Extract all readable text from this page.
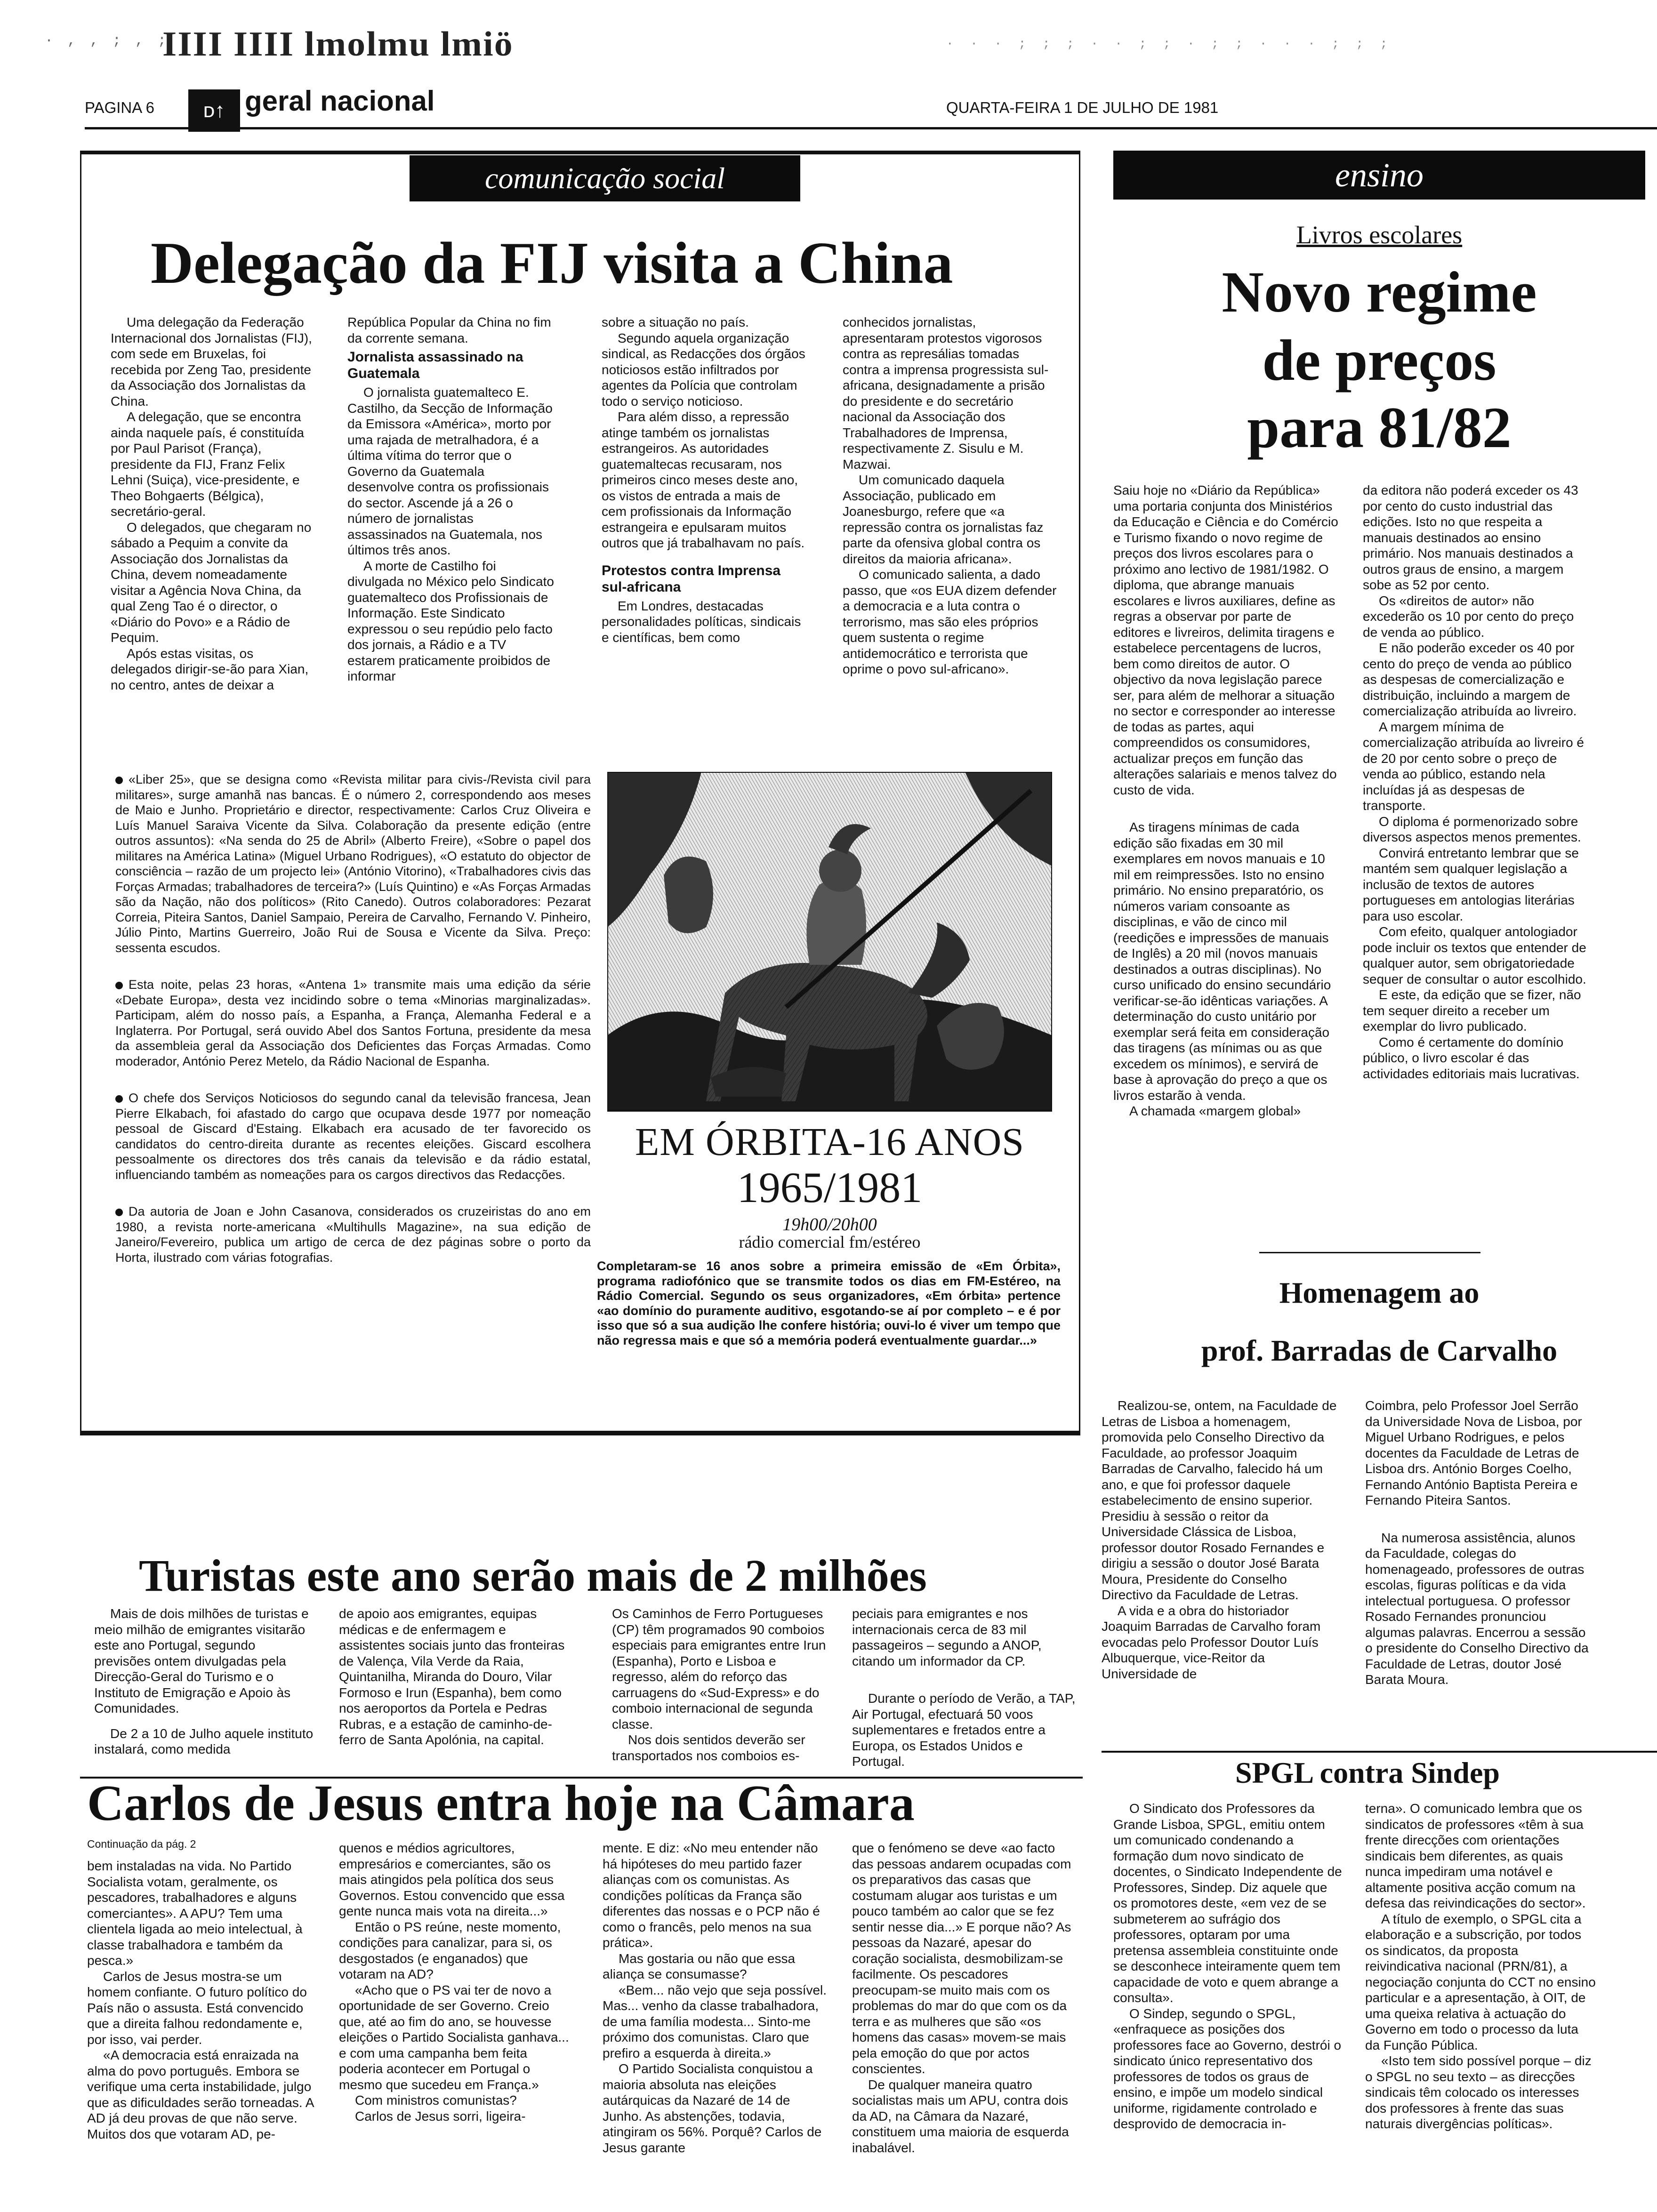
· , , ; , ; ;
IIII IIII lmolmu lmiö	· · · ; ; ; · · ; ; · ; ; · · · ; ; ;
PAGINA 6	ᴅ↑ geral nacional	QUARTA-FEIRA 1 DE JULHO DE 1981
comunicação social
Delegação da FIJ visita a China

Uma delegação da Federação Internacional dos Jornalistas (FIJ), com sede em Bruxelas, foi recebida por Zeng Tao, presidente da Associação dos Jornalistas da China.

A delegação, que se encontra ainda naquele país, é constituída por Paul Parisot (França), presidente da FIJ, Franz Felix Lehni (Suiça), vice-presidente, e Theo Bohgaerts (Bélgica), secretário-geral.

O delegados, que chegaram no sábado a Pequim a convite da Associação dos Jornalistas da China, devem nomeadamente visitar a Agência Nova China, da qual Zeng Tao é o director, o «Diário do Povo» e a Rádio de Pequim.

Após estas visitas, os delegados dirigir-se-ão para Xian, no centro, antes de deixar a

República Popular da China no fim da corrente semana.

Jornalista assassinado na Guatemala

O jornalista guatemalteco E. Castilho, da Secção de Informação da Emissora «América», morto por uma rajada de metralhadora, é a última vítima do terror que o Governo da Guatemala desenvolve contra os profissionais do sector. Ascende já a 26 o número de jornalistas assassinados na Guatemala, nos últimos três anos.

A morte de Castilho foi divulgada no México pelo Sindicato guatemalteco dos Profissionais de Informação. Este Sindicato expressou o seu repúdio pelo facto dos jornais, a Rádio e a TV estarem praticamente proibidos de informar

sobre a situação no país.

Segundo aquela organização sindical, as Redacções dos órgãos noticiosos estão infiltrados por agentes da Polícia que controlam todo o serviço noticioso.

Para além disso, a repressão atinge também os jornalistas estrangeiros. As autoridades guatemaltecas recusaram, nos primeiros cinco meses deste ano, os vistos de entrada a mais de cem profissionais da Informação estrangeira e epulsaram muitos outros que já trabalhavam no país.

Protestos contra Imprensa sul-africana

Em Londres, destacadas personalidades políticas, sindicais e científicas, bem como

conhecidos jornalistas, apresentaram protestos vigorosos contra as represálias tomadas contra a imprensa progressista sul-africana, designadamente a prisão do presidente e do secretário nacional da Associação dos Trabalhadores de Imprensa, respectivamente Z. Sisulu e M. Mazwai.

Um comunicado daquela Associação, publicado em Joanesburgo, refere que «a repressão contra os jornalistas faz parte da ofensiva global contra os direitos da maioria africana».

O comunicado salienta, a dado passo, que «os EUA dizem defender a democracia e a luta contra o terrorismo, mas são eles próprios quem sustenta o regime antidemocrático e terrorista que oprime o povo sul-africano».

«Liber 25», que se designa como «Revista militar para civis-/Revista civil para militares», surge amanhã nas bancas. É o número 2, correspondendo aos meses de Maio e Junho. Proprietário e director, respectivamente: Carlos Cruz Oliveira e Luís Manuel Saraiva Vicente da Silva. Colaboração da presente edição (entre outros assuntos): «Na senda do 25 de Abril» (Alberto Freire), «Sobre o papel dos militares na América Latina» (Miguel Urbano Rodrigues), «O estatuto do objector de consciência – razão de um projecto lei» (António Vitorino), «Trabalhadores civis das Forças Armadas; trabalhadores de terceira?» (Luís Quintino) e «As Forças Armadas são da Nação, não dos políticos» (Rito Canedo). Outros colaboradores: Pezarat Correia, Piteira Santos, Daniel Sampaio, Pereira de Carvalho, Fernando V. Pinheiro, Júlio Pinto, Martins Guerreiro, João Rui de Sousa e Vicente da Silva. Preço: sessenta escudos.

Esta noite, pelas 23 horas, «Antena 1» transmite mais uma edição da série «Debate Europa», desta vez incidindo sobre o tema «Minorias marginalizadas». Participam, além do nosso país, a Espanha, a França, Alemanha Federal e a Inglaterra. Por Portugal, será ouvido Abel dos Santos Fortuna, presidente da mesa da assembleia geral da Associação dos Deficientes das Forças Armadas. Como moderador, António Perez Metelo, da Rádio Nacional de Espanha.

O chefe dos Serviços Noticiosos do segundo canal da televisão francesa, Jean Pierre Elkabach, foi afastado do cargo que ocupava desde 1977 por nomeação pessoal de Giscard d'Estaing. Elkabach era acusado de ter favorecido os candidatos do centro-direita durante as recentes eleições. Giscard escolhera pessoalmente os directores dos três canais da televisão e da rádio estatal, influenciando também as nomeações para os cargos directivos das Redacções.

Da autoria de Joan e John Casanova, considerados os cruzeiristas do ano em 1980, a revista norte-americana «Multihulls Magazine», na sua edição de Janeiro/Fevereiro, publica um artigo de cerca de dez páginas sobre o porto da Horta, ilustrado com várias fotografias.

EM ÓRBITA-16 ANOS
1965/1981
19h00/20h00
rádio comercial fm/estéreo
Completaram-se 16 anos sobre a primeira emissão de «Em Órbita», programa radiofónico que se transmite todos os dias em FM-Estéreo, na Rádio Comercial. Segundo os seus organizadores, «Em órbita» pertence «ao domínio do puramente auditivo, esgotando-se aí por completo – e é por isso que só a sua audição lhe confere história; ouvi-lo é viver um tempo que não regressa mais e que só a memória poderá eventualmente guardar...»
ensino
Livros escolares
Novo regime
de preços
para 81/82

Saiu hoje no «Diário da República» uma portaria conjunta dos Ministérios da Educação e Ciência e do Comércio e Turismo fixando o novo regime de preços dos livros escolares para o próximo ano lectivo de 1981/1982. O diploma, que abrange manuais escolares e livros auxiliares, define as regras a observar por parte de editores e livreiros, delimita tiragens e estabelece percentagens de lucros, bem como direitos de autor. O objectivo da nova legislação parece ser, para além de melhorar a situação no sector e corresponder ao interesse de todas as partes, aqui compreendidos os consumidores, actualizar preços em função das alterações salariais e menos talvez do custo de vida.

As tiragens mínimas de cada edição são fixadas em 30 mil exemplares em novos manuais e 10 mil em reimpressões. Isto no ensino primário. No ensino preparatório, os números variam consoante as disciplinas, e vão de cinco mil (reedições e impressões de manuais de Inglês) a 20 mil (novos manuais destinados a outras disciplinas). No curso unificado do ensino secundário verificar-se-ão idênticas variações. A determinação do custo unitário por exemplar será feita em consideração das tiragens (as mínimas ou as que excedem os mínimos), e servirá de base à aprovação do preço a que os livros estarão à venda.

A chamada «margem global»

da editora não poderá exceder os 43 por cento do custo industrial das edições. Isto no que respeita a manuais destinados ao ensino primário. Nos manuais destinados a outros graus de ensino, a margem sobe as 52 por cento.

Os «direitos de autor» não excederão os 10 por cento do preço de venda ao público.

E não poderão exceder os 40 por cento do preço de venda ao público as despesas de comercialização e distribuição, incluindo a margem de comercialização atribuída ao livreiro.

A margem mínima de comercialização atribuída ao livreiro é de 20 por cento sobre o preço de venda ao público, estando nela incluídas já as despesas de transporte.

O diploma é pormenorizado sobre diversos aspectos menos prementes.

Convirá entretanto lembrar que se mantém sem qualquer legislação a inclusão de textos de autores portugueses em antologias literárias para uso escolar.

Com efeito, qualquer antologiador pode incluir os textos que entender de qualquer autor, sem obrigatoriedade sequer de consultar o autor escolhido.

E este, da edição que se fizer, não tem sequer direito a receber um exemplar do livro publicado.

Como é certamente do domínio público, o livro escolar é das actividades editoriais mais lucrativas.

Homenagem ao
prof. Barradas de Carvalho

Realizou-se, ontem, na Faculdade de Letras de Lisboa a homenagem, promovida pelo Conselho Directivo da Faculdade, ao professor Joaquim Barradas de Carvalho, falecido há um ano, e que foi professor daquele estabelecimento de ensino superior. Presidiu à sessão o reitor da Universidade Clássica de Lisboa, professor doutor Rosado Fernandes e dirigiu a sessão o doutor José Barata Moura, Presidente do Conselho Directivo da Faculdade de Letras.

A vida e a obra do historiador Joaquim Barradas de Carvalho foram evocadas pelo Professor Doutor Luís Albuquerque, vice-Reitor da Universidade de

Coimbra, pelo Professor Joel Serrão da Universidade Nova de Lisboa, por Miguel Urbano Rodrigues, e pelos docentes da Faculdade de Letras de Lisboa drs. António Borges Coelho, Fernando António Baptista Pereira e Fernando Piteira Santos.

Na numerosa assistência, alunos da Faculdade, colegas do homenageado, professores de outras escolas, figuras políticas e da vida intelectual portuguesa. O professor Rosado Fernandes pronunciou algumas palavras. Encerrou a sessão o presidente do Conselho Directivo da Faculdade de Letras, doutor José Barata Moura.

SPGL contra Sindep

O Sindicato dos Professores da Grande Lisboa, SPGL, emitiu ontem um comunicado condenando a formação dum novo sindicato de docentes, o Sindicato Independente de Professores, Sindep. Diz aquele que os promotores deste, «em vez de se submeterem ao sufrágio dos professores, optaram por uma pretensa assembleia constituinte onde se desconhece inteiramente quem tem capacidade de voto e quem abrange a consulta».

O Sindep, segundo o SPGL, «enfraquece as posições dos professores face ao Governo, destrói o sindicato único representativo dos professores de todos os graus de ensino, e impõe um modelo sindical uniforme, rigidamente controlado e desprovido de democracia in-

terna». O comunicado lembra que os sindicatos de professores «têm à sua frente direcções com orientações sindicais bem diferentes, as quais nunca impediram uma notável e altamente positiva acção comum na defesa das reivindicações do sector».

A título de exemplo, o SPGL cita a elaboração e a subscrição, por todos os sindicatos, da proposta reivindicativa nacional (PRN/81), a negociação conjunta do CCT no ensino particular e a apresentação, à OIT, de uma queixa relativa à actuação do Governo em todo o processo da luta da Função Pública.

«Isto tem sido possível porque – diz o SPGL no seu texto – as direcções sindicais têm colocado os interesses dos professores à frente das suas naturais divergências políticas».

Turistas este ano serão mais de 2 milhões

Mais de dois milhões de turistas e meio milhão de emigrantes visitarão este ano Portugal, segundo previsões ontem divulgadas pela Direcção-Geral do Turismo e o Instituto de Emigração e Apoio às Comunidades.

De 2 a 10 de Julho aquele instituto instalará, como medida

de apoio aos emigrantes, equipas médicas e de enfermagem e assistentes sociais junto das fronteiras de Valença, Vila Verde da Raia, Quintanilha, Miranda do Douro, Vilar Formoso e Irun (Espanha), bem como nos aeroportos da Portela e Pedras Rubras, e a estação de caminho-de-ferro de Santa Apolónia, na capital.

Os Caminhos de Ferro Portugueses (CP) têm programados 90 comboios especiais para emigrantes entre Irun (Espanha), Porto e Lisboa e regresso, além do reforço das carruagens do «Sud-Express» e do comboio internacional de segunda classe.

Nos dois sentidos deverão ser transportados nos comboios es-

peciais para emigrantes e nos internacionais cerca de 83 mil passageiros – segundo a ANOP, citando um informador da CP.

Durante o período de Verão, a TAP, Air Portugal, efectuará 50 voos suplementares e fretados entre a Europa, os Estados Unidos e Portugal.

Carlos de Jesus entra hoje na Câmara
Continuação da pág. 2

bem instaladas na vida. No Partido Socialista votam, geralmente, os pescadores, trabalhadores e alguns comerciantes». A APU? Tem uma clientela ligada ao meio intelectual, à classe trabalhadora e também da pesca.»

Carlos de Jesus mostra-se um homem confiante. O futuro político do País não o assusta. Está convencido que a direita falhou redondamente e, por isso, vai perder.

«A democracia está enraizada na alma do povo português. Embora se verifique uma certa instabilidade, julgo que as dificuldades serão torneadas. A AD já deu provas de que não serve. Muitos dos que votaram AD, pe-

quenos e médios agricultores, empresários e comerciantes, são os mais atingidos pela política dos seus Governos. Estou convencido que essa gente nunca mais vota na direita...»

Então o PS reúne, neste momento, condições para canalizar, para si, os desgostados (e enganados) que votaram na AD?

«Acho que o PS vai ter de novo a oportunidade de ser Governo. Creio que, até ao fim do ano, se houvesse eleições o Partido Socialista ganhava... e com uma campanha bem feita poderia acontecer em Portugal o mesmo que sucedeu em França.»

Com ministros comunistas?

Carlos de Jesus sorri, ligeira-

mente. E diz: «No meu entender não há hipóteses do meu partido fazer alianças com os comunistas. As condições políticas da França são diferentes das nossas e o PCP não é como o francês, pelo menos na sua prática».

Mas gostaria ou não que essa aliança se consumasse?

«Bem... não vejo que seja possível. Mas... venho da classe trabalhadora, de uma família modesta... Sinto-me próximo dos comunistas. Claro que prefiro a esquerda à direita.»

O Partido Socialista conquistou a maioria absoluta nas eleições autárquicas da Nazaré de 14 de Junho. As abstenções, todavia, atingiram os 56%. Porquê? Carlos de Jesus garante

que o fenómeno se deve «ao facto das pessoas andarem ocupadas com os preparativos das casas que costumam alugar aos turistas e um pouco também ao calor que se fez sentir nesse dia...» E porque não? As pessoas da Nazaré, apesar do coração socialista, desmobilizam-se facilmente. Os pescadores preocupam-se muito mais com os problemas do mar do que com os da terra e as mulheres que são «os homens das casas» movem-se mais pela emoção do que por actos conscientes.

De qualquer maneira quatro socialistas mais um APU, contra dois da AD, na Câmara da Nazaré, constituem uma maioria de esquerda inabalável.
